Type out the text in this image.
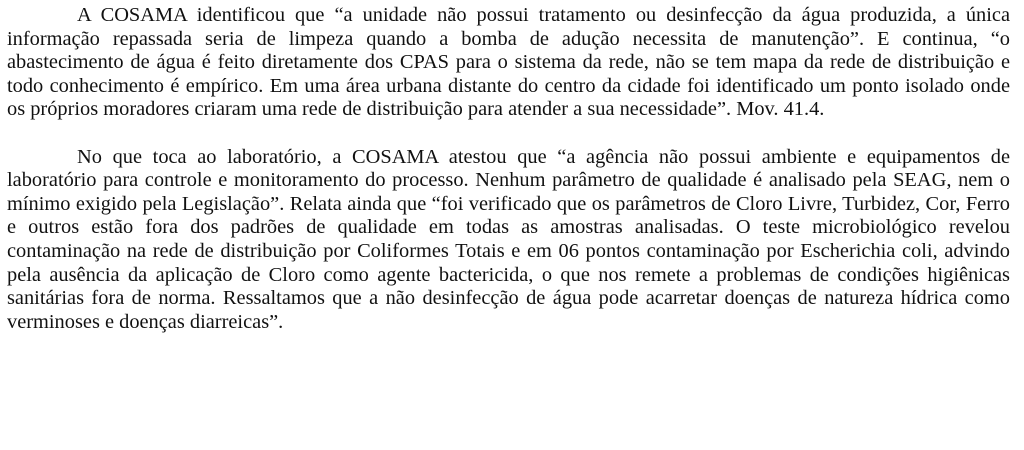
A COSAMA identificou que “a unidade não possui tratamento ou desinfecção da água produzida, a única informação repassada seria de limpeza quando a bomba de adução necessita de manutenção”. E continua, “o abastecimento de água é feito diretamente dos CPAS para o sistema da rede, não se tem mapa da rede de distribuição e todo conhecimento é empírico. Em uma área urbana distante do centro da cidade foi identificado um ponto isolado onde os próprios moradores criaram uma rede de distribuição para atender a sua necessidade”. Mov. 41.4.

No que toca ao laboratório, a COSAMA atestou que “a agência não possui ambiente e equipamentos de laboratório para controle e monitoramento do processo. Nenhum parâmetro de qualidade é analisado pela SEAG, nem o mínimo exigido pela Legislação”. Relata ainda que “foi verificado que os parâmetros de Cloro Livre, Turbidez, Cor, Ferro e outros estão fora dos padrões de qualidade em todas as amostras analisadas. O teste microbiológico revelou contaminação na rede de distribuição por Coliformes Totais e em 06 pontos contaminação por Escherichia coli, advindo pela ausência da aplicação de Cloro como agente bactericida, o que nos remete a problemas de condições higiênicas sanitárias fora de norma. Ressaltamos que a não desinfecção de água pode acarretar doenças de natureza hídrica como verminoses e doenças diarreicas”.
